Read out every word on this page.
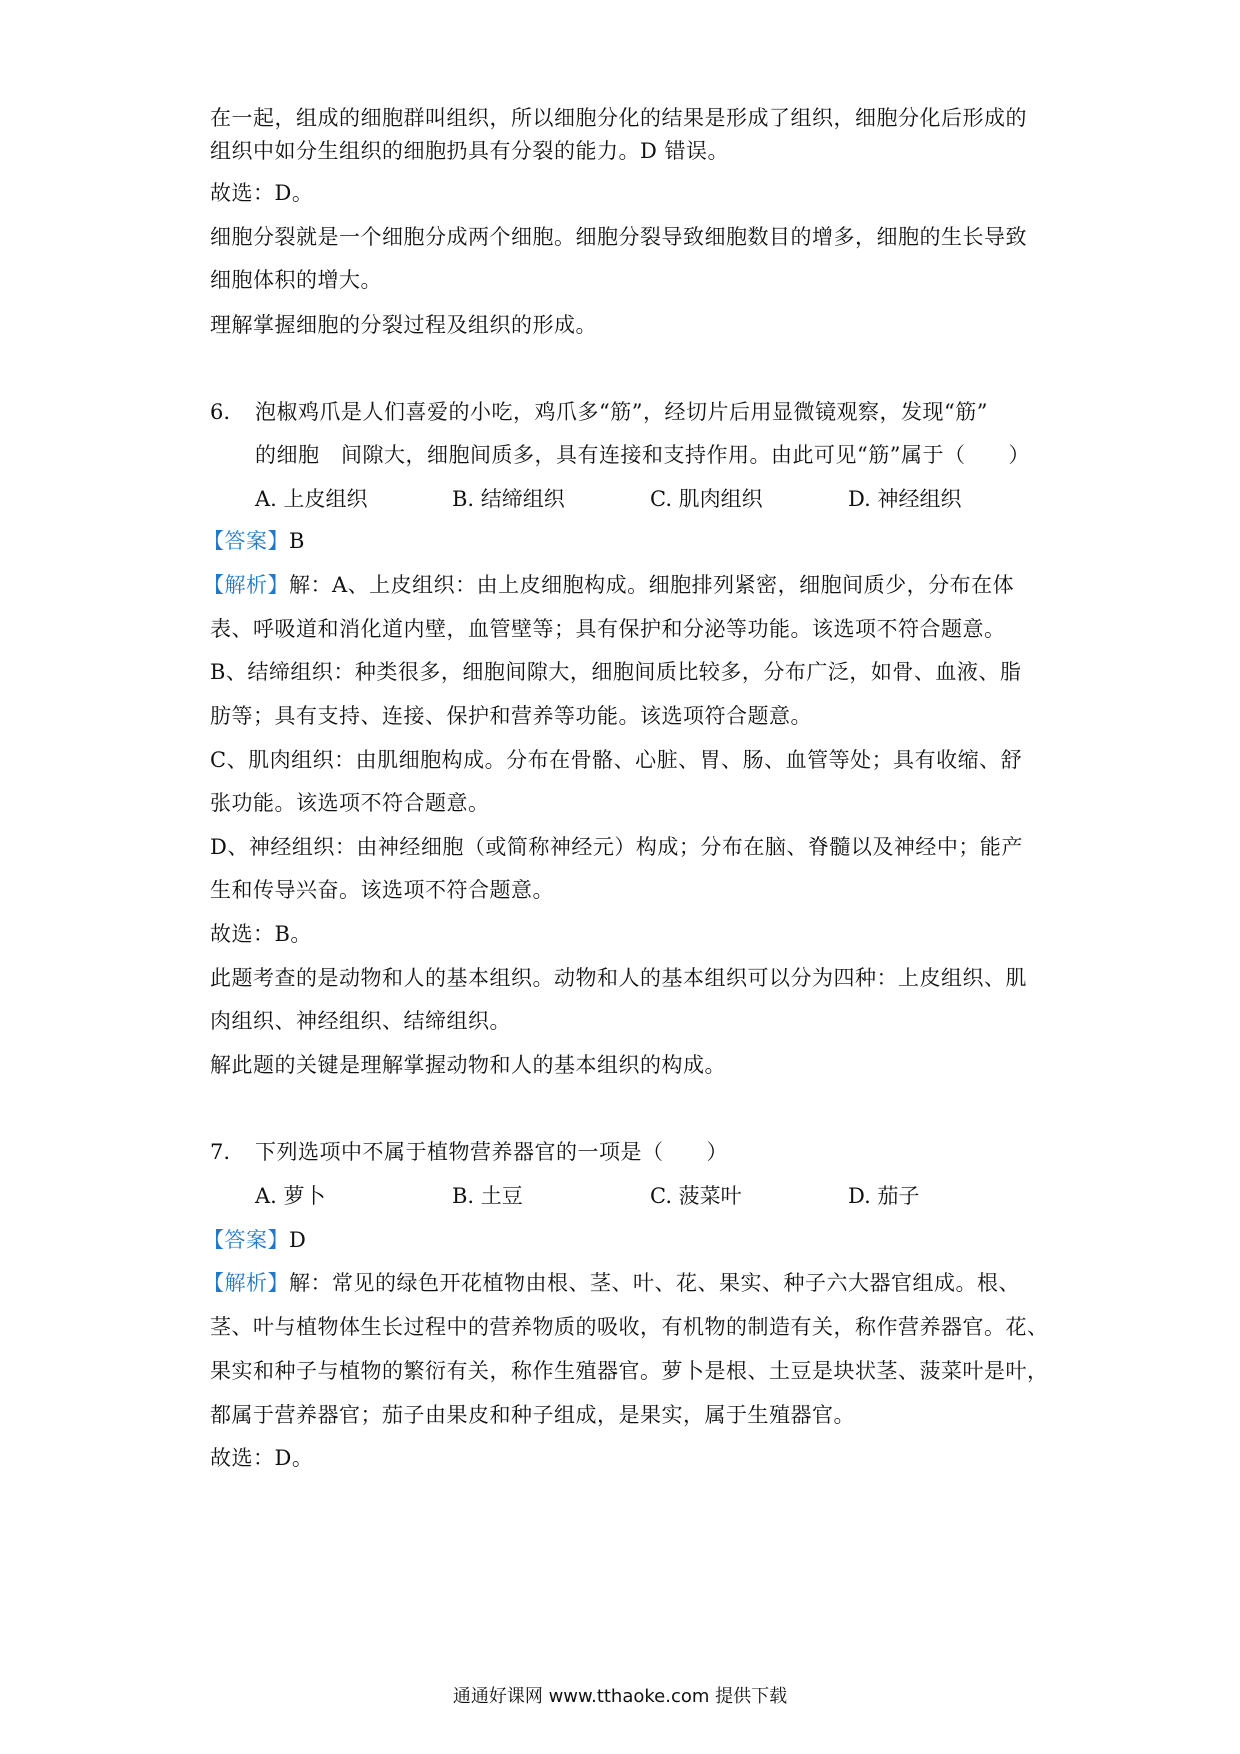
在一起，组成的细胞群叫组织，所以细胞分化的结果是形成了组织，细胞分化后形成的
组织中如分生组织的细胞扔具有分裂的能力。D 错误。
故选：D。
细胞分裂就是一个细胞分成两个细胞。细胞分裂导致细胞数目的增多，细胞的生长导致
细胞体积的增大。
理解掌握细胞的分裂过程及组织的形成。
6. 泡椒鸡爪是人们喜爱的小吃，鸡爪多“筋”，经切片后用显微镜观察，发现“筋”
的细胞　间隙大，细胞间质多，具有连接和支持作用。由此可见“筋”属于（　　）
A. 上皮组织	B. 结缔组织	C. 肌肉组织	D. 神经组织
【答案】B
【解析】解：A、上皮组织：由上皮细胞构成。细胞排列紧密，细胞间质少，分布在体
表、呼吸道和消化道内壁，血管壁等；具有保护和分泌等功能。该选项不符合题意。
B、结缔组织：种类很多，细胞间隙大，细胞间质比较多，分布广泛，如骨、血液、脂
肪等；具有支持、连接、保护和营养等功能。该选项符合题意。
C、肌肉组织：由肌细胞构成。分布在骨骼、心脏、胃、肠、血管等处；具有收缩、舒
张功能。该选项不符合题意。
D、神经组织：由神经细胞（或简称神经元）构成；分布在脑、脊髓以及神经中；能产
生和传导兴奋。该选项不符合题意。
故选：B。
此题考查的是动物和人的基本组织。动物和人的基本组织可以分为四种：上皮组织、肌
肉组织、神经组织、结缔组织。
解此题的关键是理解掌握动物和人的基本组织的构成。
7. 下列选项中不属于植物营养器官的一项是（　　）
A. 萝卜	B. 土豆	C. 菠菜叶	D. 茄子
【答案】D
【解析】解：常见的绿色开花植物由根、茎、叶、花、果实、种子六大器官组成。根、
茎、叶与植物体生长过程中的营养物质的吸收，有机物的制造有关，称作营养器官。花、
果实和种子与植物的繁衍有关，称作生殖器官。萝卜是根、土豆是块状茎、菠菜叶是叶，
都属于营养器官；茄子由果皮和种子组成，是果实，属于生殖器官。
故选：D。
通通好课网 www.tthaoke.com 提供下载
